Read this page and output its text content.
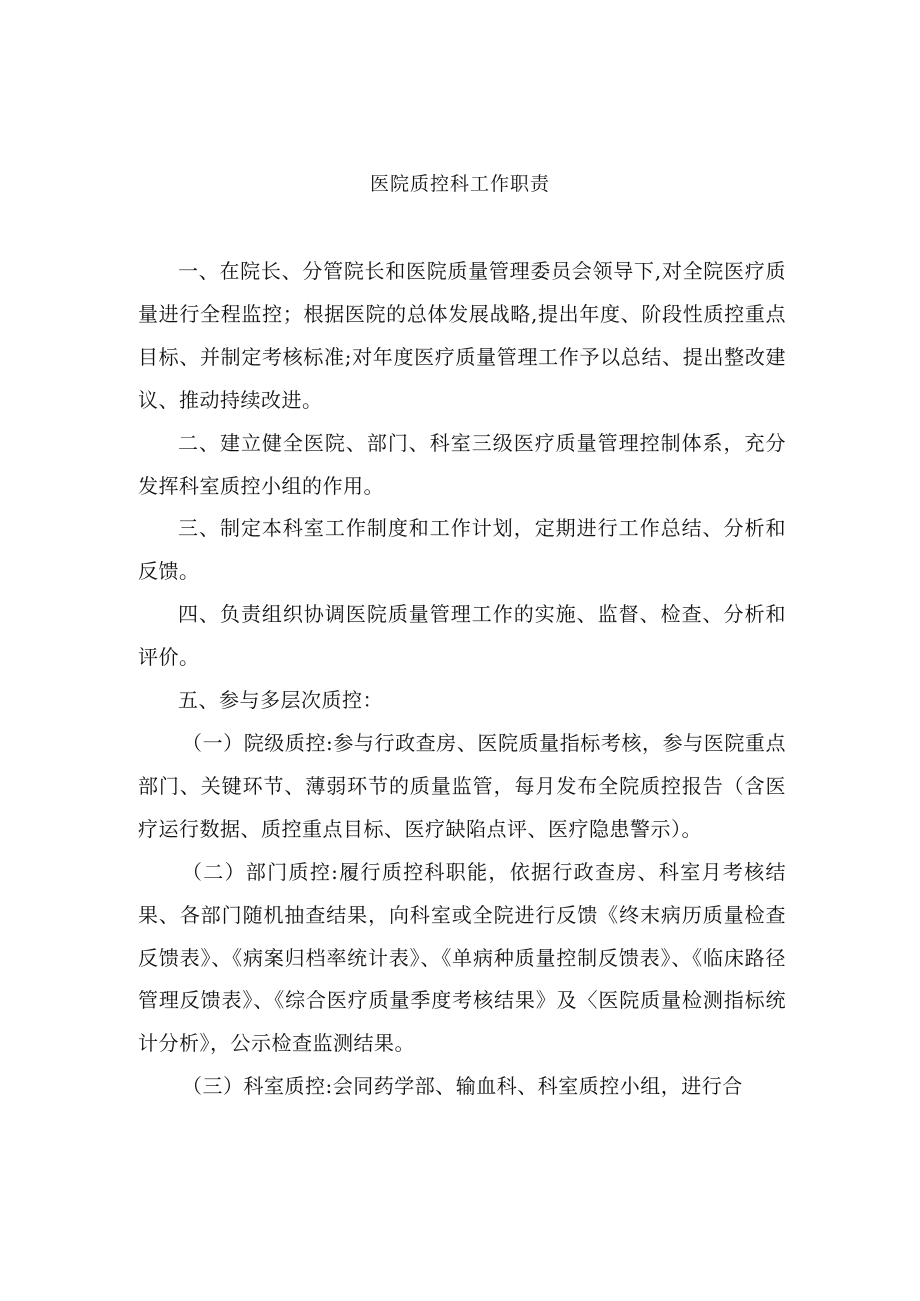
医院质控科工作职责

一、在院长、分管院长和医院质量管理委员会领导下,对全院医疗质量进行全程监控；根据医院的总体发展战略,提出年度、阶段性质控重点目标、并制定考核标准;对年度医疗质量管理工作予以总结、提出整改建议、推动持续改进。

二、建立健全医院、部门、科室三级医疗质量管理控制体系，充分发挥科室质控小组的作用。

三、制定本科室工作制度和工作计划，定期进行工作总结、分析和反馈。

四、负责组织协调医院质量管理工作的实施、监督、检查、分析和评价。

五、参与多层次质控：

（一）院级质控:参与行政查房、医院质量指标考核，参与医院重点部门、关键环节、薄弱环节的质量监管，每月发布全院质控报告（含医疗运行数据、质控重点目标、医疗缺陷点评、医疗隐患警示）。

（二）部门质控:履行质控科职能，依据行政查房、科室月考核结果、各部门随机抽查结果，向科室或全院进行反馈《终末病历质量检查反馈表》、《病案归档率统计表》、《单病种质量控制反馈表》、《临床路径管理反馈表》、《综合医疗质量季度考核结果》及〈医院质量检测指标统计分析》，公示检查监测结果。

（三）科室质控:会同药学部、输血科、科室质控小组，进行合
